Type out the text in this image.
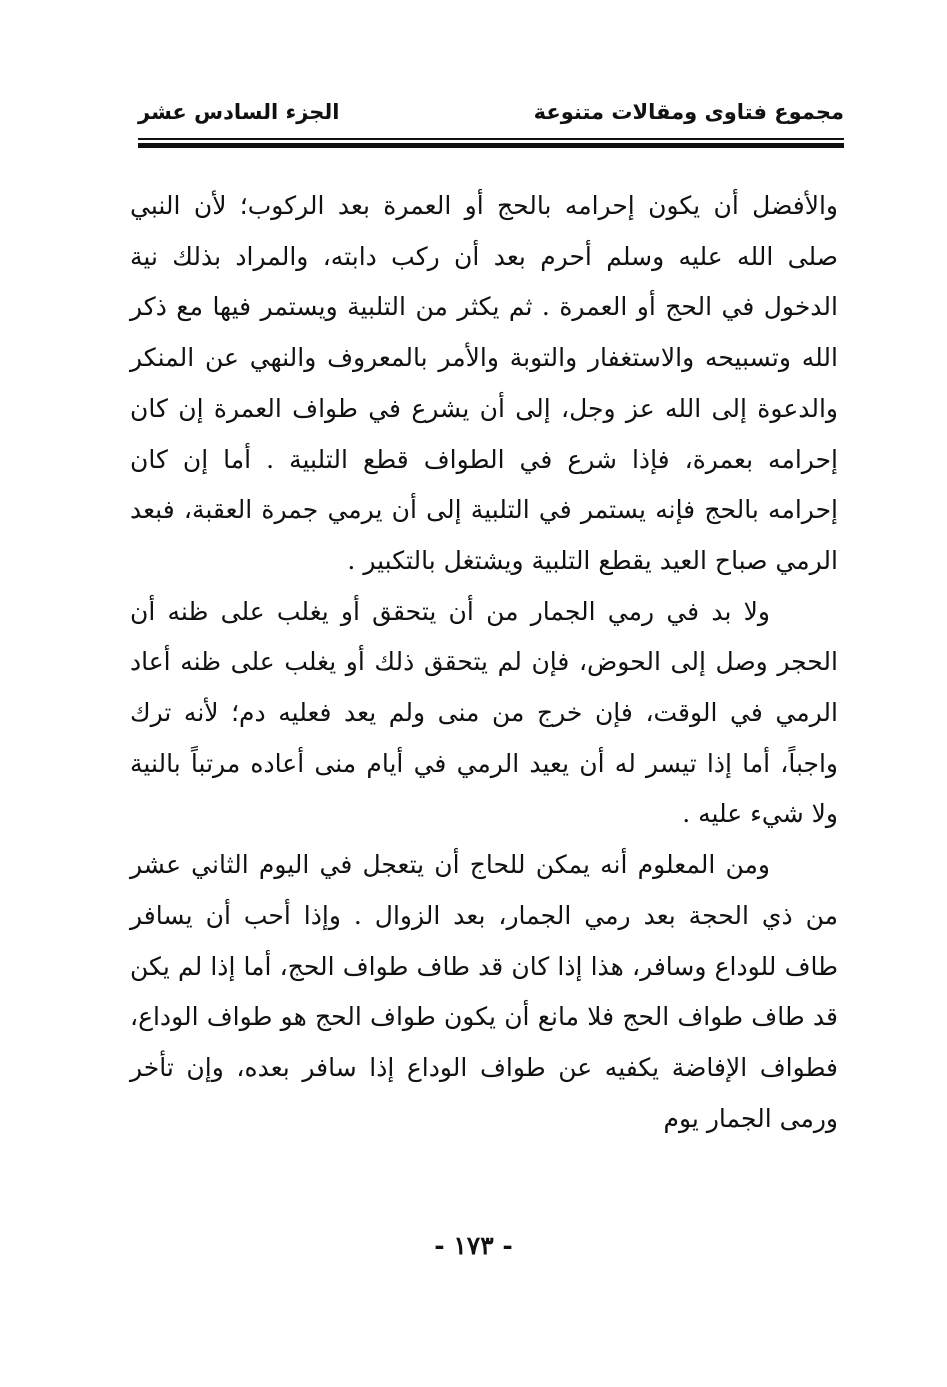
مجموع فتاوى ومقالات متنوعة
الجزء السادس عشر

والأفضل أن يكون إحرامه بالحج أو العمرة بعد الركوب؛ لأن النبي صلى الله عليه وسلم أحرم بعد أن ركب دابته، والمراد بذلك نية الدخول في الحج أو العمرة . ثم يكثر من التلبية ويستمر فيها مع ذكر الله وتسبيحه والاستغفار والتوبة والأمر بالمعروف والنهي عن المنكر والدعوة إلى الله عز وجل، إلى أن يشرع في طواف العمرة إن كان إحرامه بعمرة، فإذا شرع في الطواف قطع التلبية . أما إن كان إحرامه بالحج فإنه يستمر في التلبية إلى أن يرمي جمرة العقبة، فبعد الرمي صباح العيد يقطع التلبية ويشتغل بالتكبير .

ولا بد في رمي الجمار من أن يتحقق أو يغلب على ظنه أن الحجر وصل إلى الحوض، فإن لم يتحقق ذلك أو يغلب على ظنه أعاد الرمي في الوقت، فإن خرج من منى ولم يعد فعليه دم؛ لأنه ترك واجباً، أما إذا تيسر له أن يعيد الرمي في أيام منى أعاده مرتباً بالنية ولا شيء عليه .

ومن المعلوم أنه يمكن للحاج أن يتعجل في اليوم الثاني عشر من ذي الحجة بعد رمي الجمار، بعد الزوال . وإذا أحب أن يسافر طاف للوداع وسافر، هذا إذا كان قد طاف طواف الحج، أما إذا لم يكن قد طاف طواف الحج فلا مانع أن يكون طواف الحج هو طواف الوداع، فطواف الإفاضة يكفيه عن طواف الوداع إذا سافر بعده، وإن تأخر ورمى الجمار يوم

- ١٧٣ -
